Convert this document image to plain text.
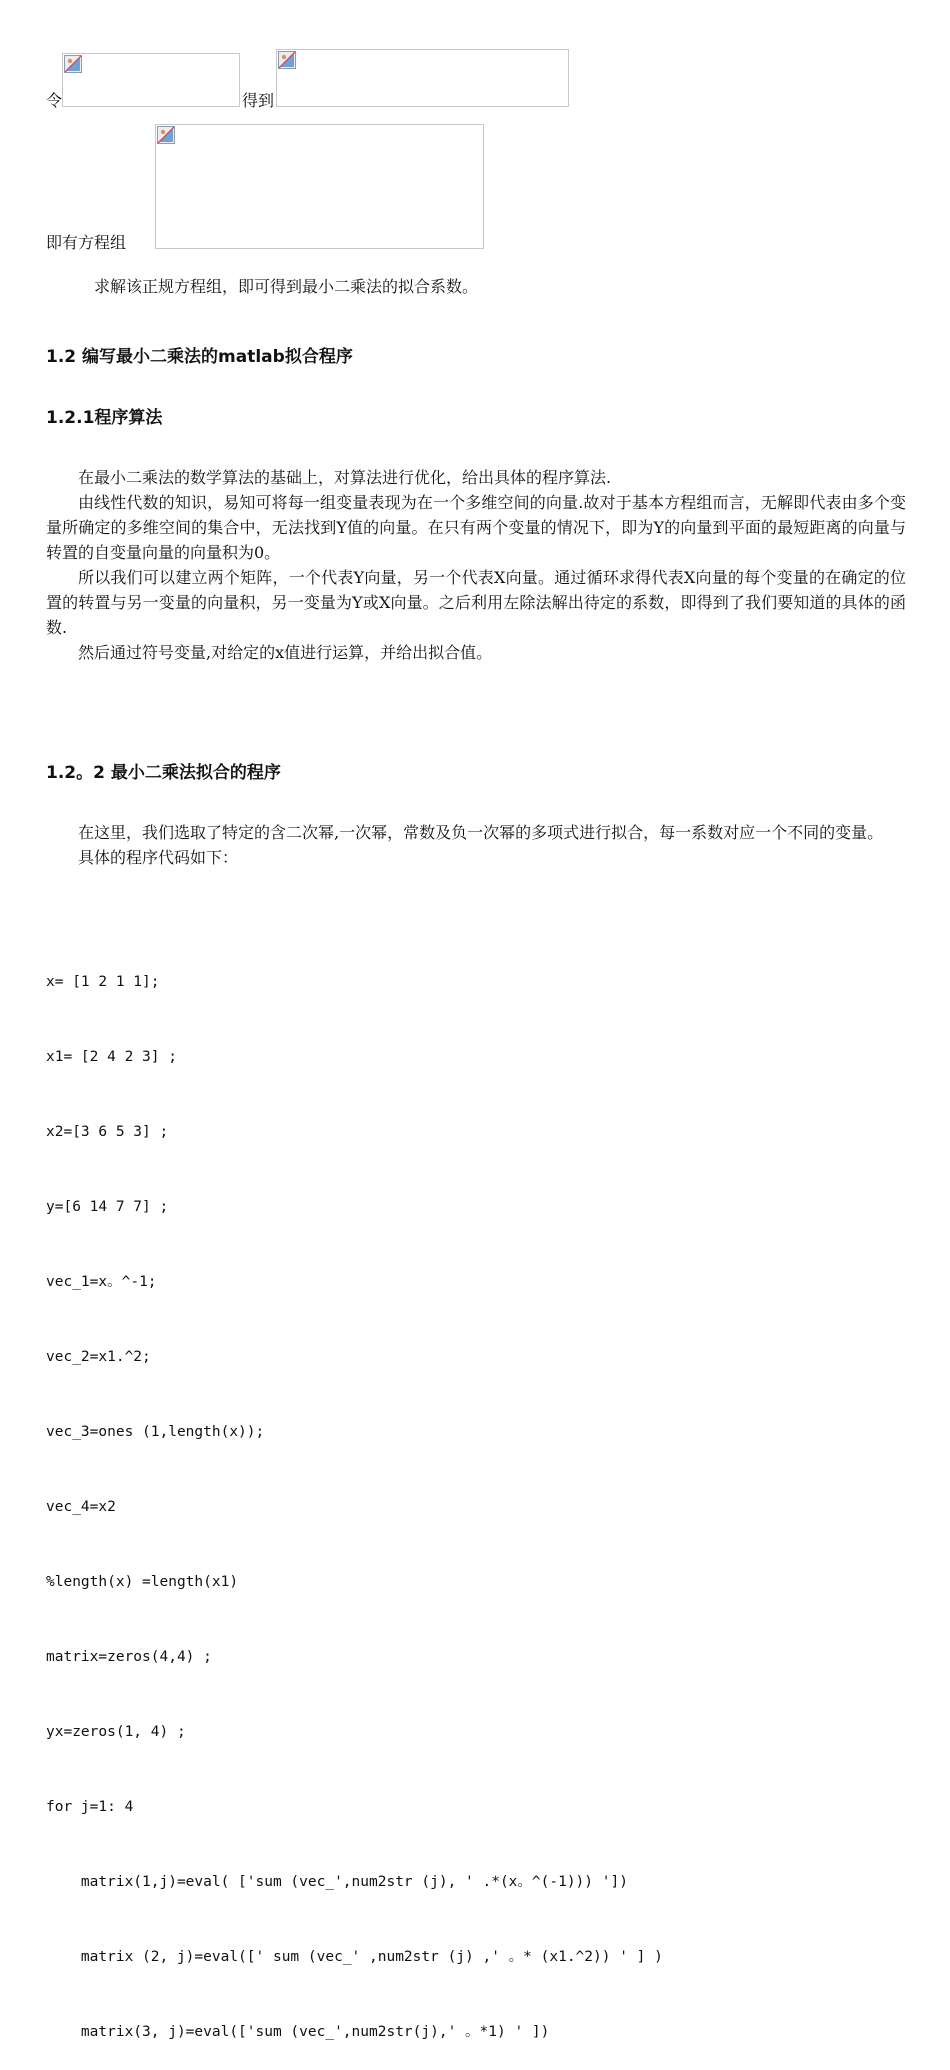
令	得到
即有方程组
求解该正规方程组，即可得到最小二乘法的拟合系数。
1.2 编写最小二乘法的matlab拟合程序
1.2.1程序算法

在最小二乘法的数学算法的基础上，对算法进行优化，给出具体的程序算法.

由线性代数的知识，易知可将每一组变量表现为在一个多维空间的向量.故对于基本方程组而言，无解即代表由多个变量所确定的多维空间的集合中，无法找到Y值的向量。在只有两个变量的情况下，即为Y的向量到平面的最短距离的向量与转置的自变量向量的向量积为0。

所以我们可以建立两个矩阵，一个代表Y向量，另一个代表X向量。通过循环求得代表X向量的每个变量的在确定的位置的转置与另一变量的向量积，另一变量为Y或X向量。之后利用左除法解出待定的系数，即得到了我们要知道的具体的函数.

然后通过符号变量,对给定的x值进行运算，并给出拟合值。

1.2。2 最小二乘法拟合的程序

在这里，我们选取了特定的含二次幂,一次幂，常数及负一次幂的多项式进行拟合，每一系数对应一个不同的变量。

具体的程序代码如下：

x= [1 2 1 1];

x1= [2 4 2 3] ;

x2=[3 6 5 3] ;

y=[6 14 7 7] ;

vec_1=x。^-1;

vec_2=x1.^2;

vec_3=ones (1,length(x));

vec_4=x2

%length(x) =length(x1)

matrix=zeros(4,4) ;

yx=zeros(1, 4) ;

for j=1: 4

matrix(1,j)=eval( ['sum (vec_',num2str (j), ' .*(x。^(-1))) '])

matrix (2, j)=eval([' sum (vec_' ,num2str (j) ,' 。* (x1.^2)) ' ] )

matrix(3, j)=eval(['sum (vec_',num2str(j),' 。*1) ' ])
